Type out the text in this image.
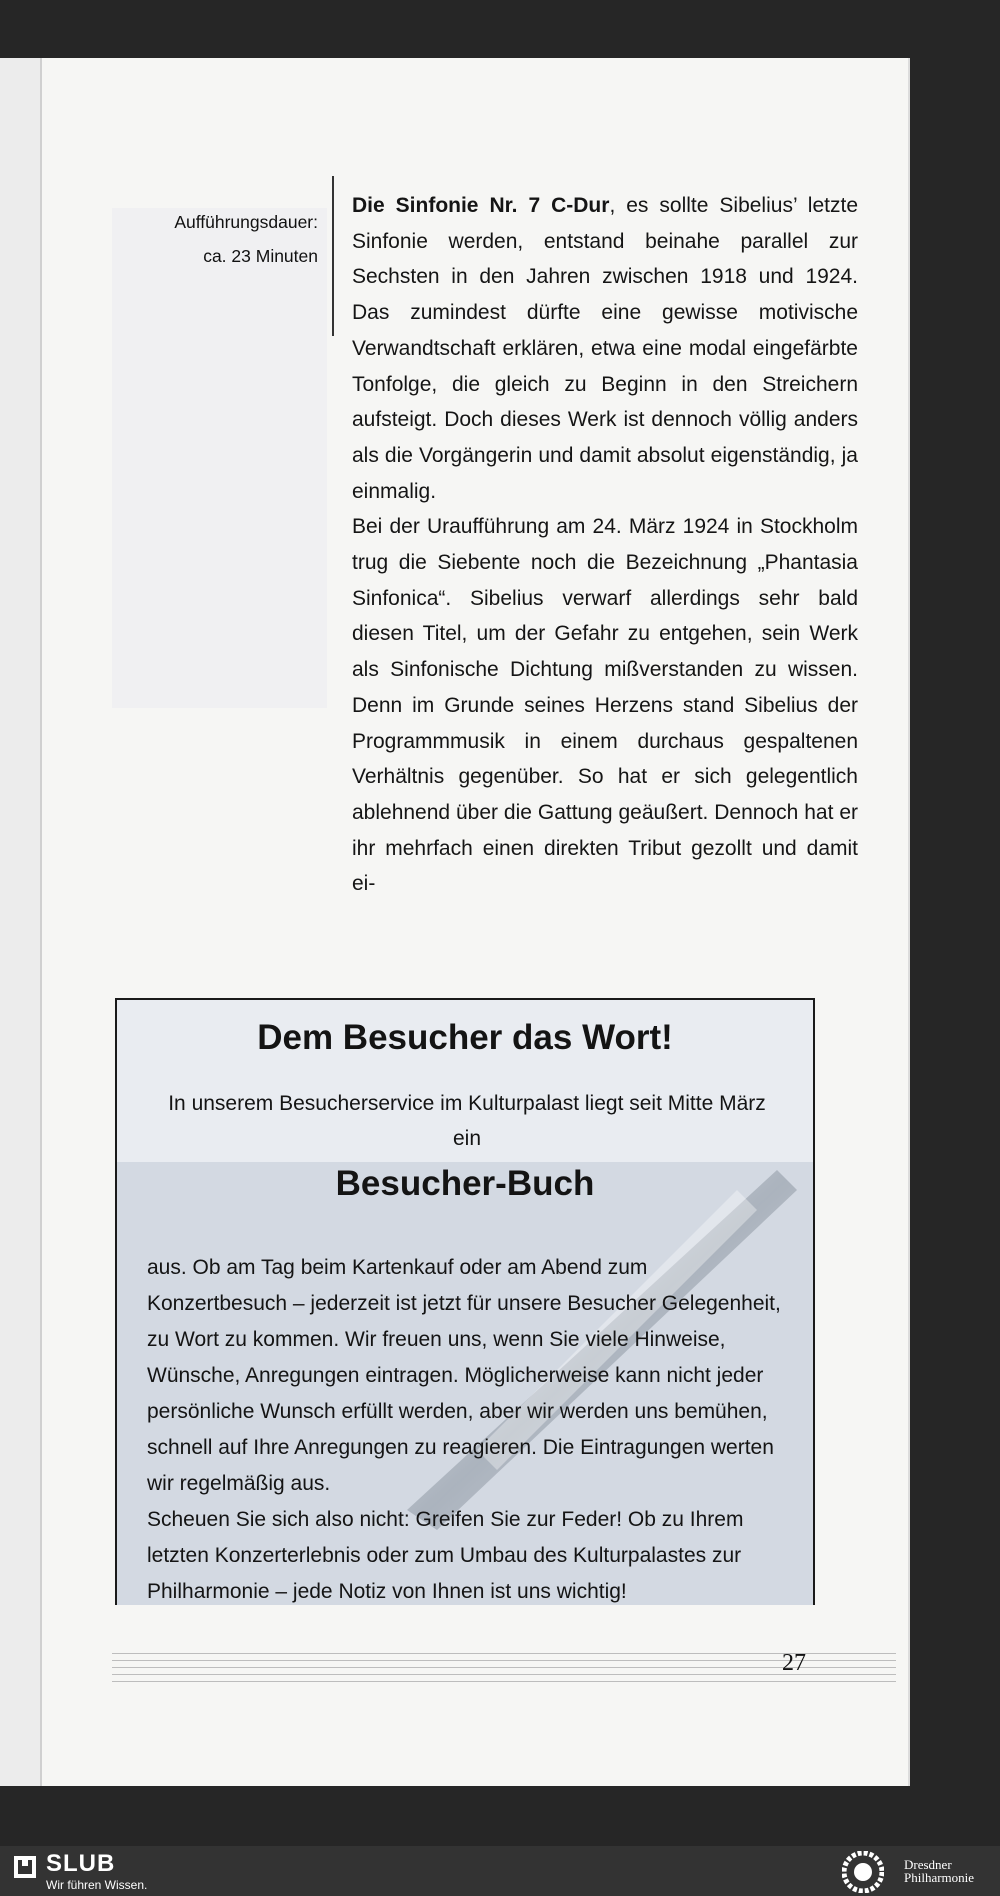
Aufführungsdauer:
ca. 23 Minuten

Die Sinfonie Nr. 7 C-Dur, es sollte Sibelius’ letzte Sinfonie werden, entstand beinahe parallel zur Sechsten in den Jahren zwischen 1918 und 1924. Das zumindest dürfte eine gewisse motivische Verwandtschaft erklären, etwa eine modal eingefärbte Tonfolge, die gleich zu Beginn in den Streichern aufsteigt. Doch dieses Werk ist dennoch völlig anders als die Vorgängerin und damit absolut eigenständig, ja einmalig.

Bei der Uraufführung am 24. März 1924 in Stockholm trug die Siebente noch die Bezeichnung „Phantasia Sinfonica“. Sibelius verwarf allerdings sehr bald diesen Titel, um der Gefahr zu entgehen, sein Werk als Sinfonische Dichtung mißverstanden zu wissen. Denn im Grunde seines Herzens stand Sibelius der Programmmusik in einem durchaus gespaltenen Verhältnis gegenüber. So hat er sich gelegentlich ablehnend über die Gattung geäußert. Dennoch hat er ihr mehrfach einen direkten Tribut gezollt und damit ei-

Dem Besucher das Wort!
In unserem Besucherservice im Kulturpalast liegt seit Mitte März ein
Besucher-Buch

aus. Ob am Tag beim Kartenkauf oder am Abend zum Konzertbesuch – jederzeit ist jetzt für unsere Besucher Gelegenheit, zu Wort zu kommen. Wir freuen uns, wenn Sie viele Hinweise, Wünsche, Anregungen eintragen. Möglicherweise kann nicht jeder persönliche Wunsch erfüllt werden, aber wir werden uns bemühen, schnell auf Ihre Anregungen zu reagieren. Die Eintragungen werten wir regelmäßig aus.

Scheuen Sie sich also nicht: Greifen Sie zur Feder! Ob zu Ihrem letzten Konzerterlebnis oder zum Umbau des Kulturpalastes zur Philharmonie – jede Notiz von Ihnen ist uns wichtig!

27
SLUB
Wir führen Wissen.
Dresdner
Philharmonie
